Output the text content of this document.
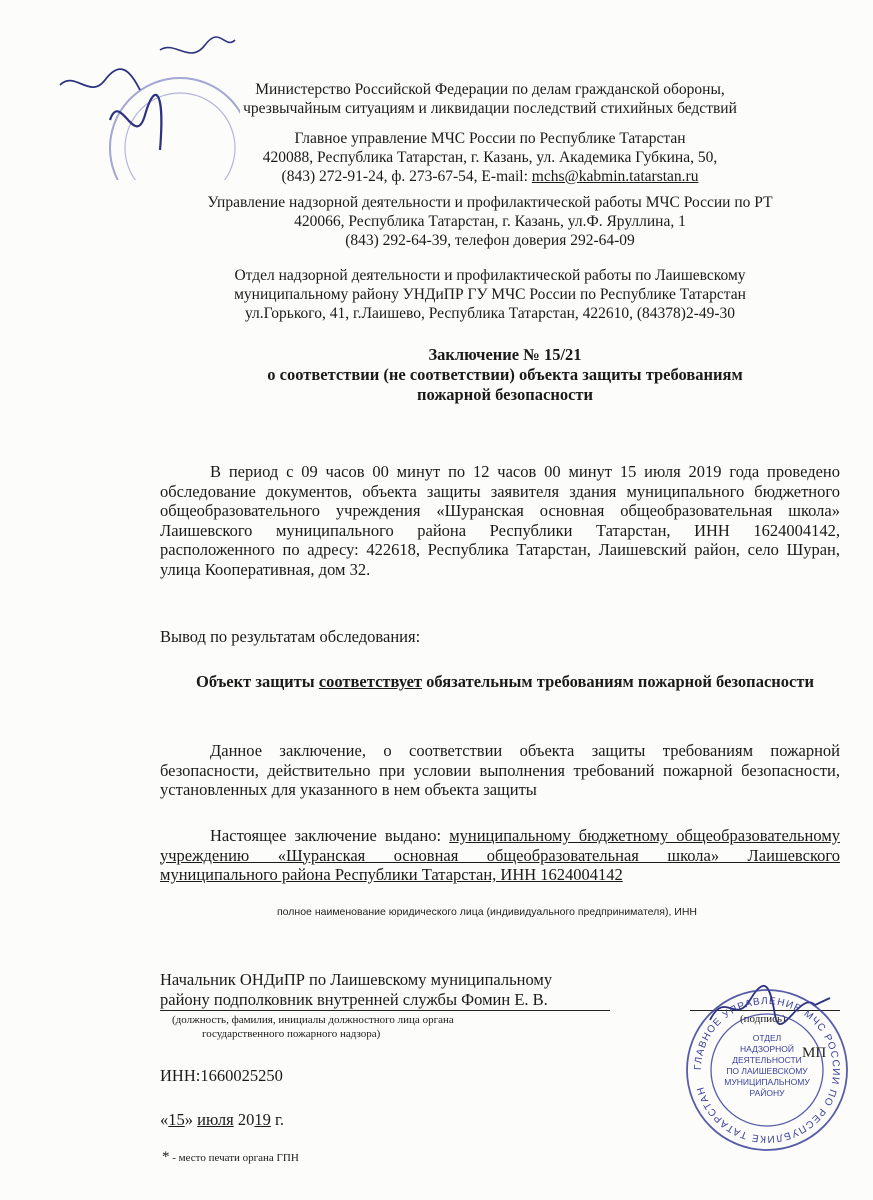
Министерство Российской Федерации по делам гражданской обороны,
чрезвычайным ситуациям и ликвидации последствий стихийных бедствий
Главное управление МЧС России по Республике Татарстан
420088, Республика Татарстан, г. Казань, ул. Академика Губкина, 50,
(843) 272-91-24, ф. 273-67-54, E-mail: mchs@kabmin.tatarstan.ru
Управление надзорной деятельности и профилактической работы МЧС России по РТ
420066, Республика Татарстан, г. Казань, ул.Ф. Яруллина, 1
(843) 292-64-39, телефон доверия 292-64-09
Отдел надзорной деятельности и профилактической работы по Лаишевскому
муниципальному району УНДиПР ГУ МЧС России по Республике Татарстан
ул.Горького, 41, г.Лаишево, Республика Татарстан, 422610, (84378)2-49-30
Заключение № 15/21
о соответствии (не соответствии) объекта защиты требованиям
пожарной безопасности
В период с 09 часов 00 минут по 12 часов 00 минут 15 июля 2019 года проведено обследование документов, объекта защиты заявителя здания муниципального бюджетного общеобразовательного учреждения «Шуранская основная общеобразовательная школа» Лаишевского муниципального района Республики Татарстан, ИНН 1624004142, расположенного по адресу: 422618, Республика Татарстан, Лаишевский район, село Шуран, улица Кооперативная, дом 32.
Вывод по результатам обследования:
Объект защиты соответствует обязательным требованиям пожарной безопасности
Данное заключение, о соответствии объекта защиты требованиям пожарной безопасности, действительно при условии выполнения требований пожарной безопасности, установленных для указанного в нем объекта защиты
Настоящее заключение выдано: муниципальному бюджетному общеобразовательному учреждению «Шуранская основная общеобразовательная школа» Лаишевского муниципального района Республики Татарстан, ИНН 1624004142
полное наименование юридического лица (индивидуального предпринимателя), ИНН
Начальник ОНДиПР по Лаишевскому муниципальному
району подполковник внутренней службы Фомин Е. В.
(должность, фамилия, инициалы должностного лица органа
государственного пожарного надзора)
(подпись)
ИНН:1660025250
«15» июля 2019 г.
* - место печати органа ГПН
ГЛАВНОЕ УПРАВЛЕНИЕ МЧС РОССИИ ПО РЕСПУБЛИКЕ ТАТАРСТАН
ОТДЕЛ
НАДЗОРНОЙ
ДЕЯТЕЛЬНОСТИ
ПО ЛАИШЕВСКОМУ
МУНИЦИПАЛЬНОМУ
РАЙОНУ
МП
